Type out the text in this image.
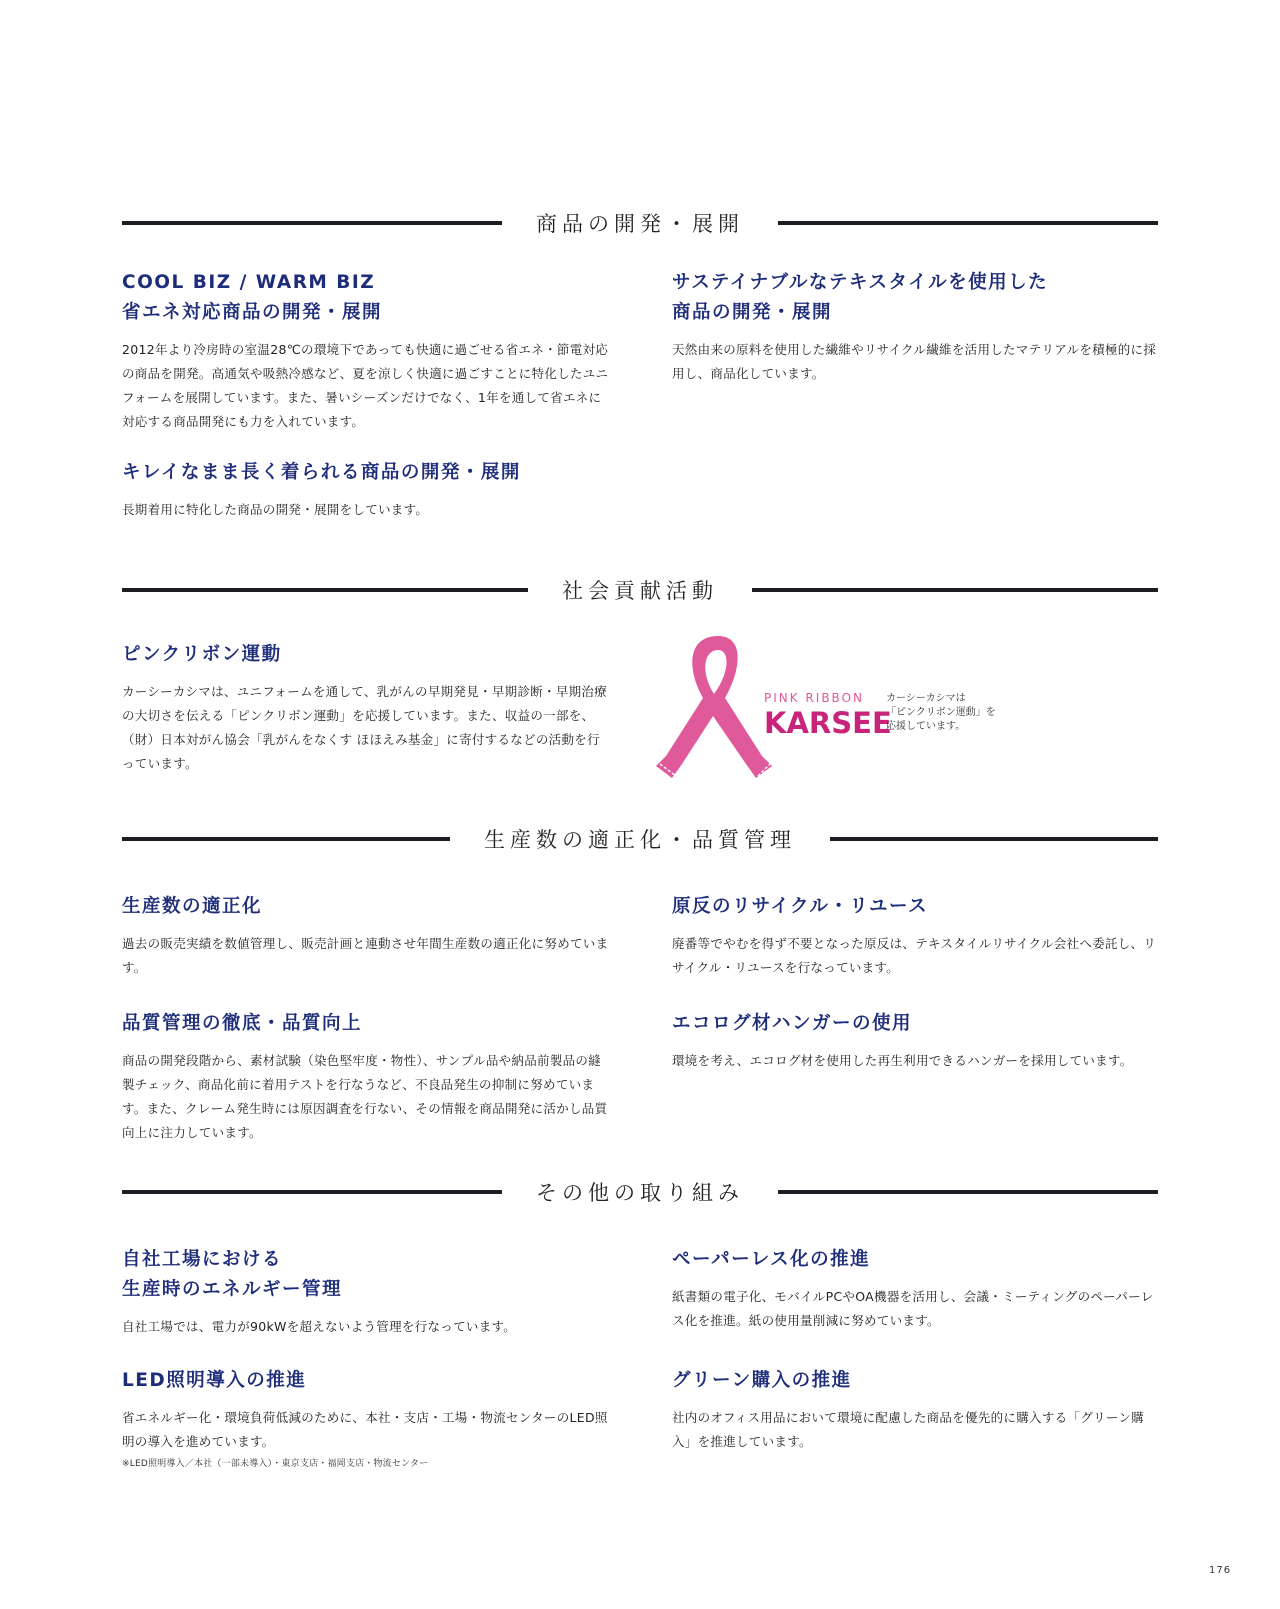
商品の開発・展開
COOL BIZ / WARM BIZ
省エネ対応商品の開発・展開
2012年より冷房時の室温28℃の環境下であっても快適に過ごせる省エネ・節電対応の商品を開発。高通気や吸熱冷感など、夏を涼しく快適に過ごすことに特化したユニフォームを展開しています。また、暑いシーズンだけでなく、1年を通して省エネに対応する商品開発にも力を入れています。
サステイナブルなテキスタイルを使用した
商品の開発・展開
天然由来の原料を使用した繊維やリサイクル繊維を活用したマテリアルを積極的に採用し、商品化しています。
キレイなまま長く着られる商品の開発・展開
長期着用に特化した商品の開発・展開をしています。
社会貢献活動
ピンクリボン運動
カーシーカシマは、ユニフォームを通して、乳がんの早期発見・早期診断・早期治療の大切さを伝える「ピンクリボン運動」を応援しています。また、収益の一部を、（財）日本対がん協会「乳がんをなくす ほほえみ基金」に寄付するなどの活動を行っています。
PINK RIBBON
KARSEE
カーシーカシマは
「ピンクリボン運動」を
応援しています。
生産数の適正化・品質管理
生産数の適正化
過去の販売実績を数値管理し、販売計画と連動させ年間生産数の適正化に努めています。
原反のリサイクル・リユース
廃番等でやむを得ず不要となった原反は、テキスタイルリサイクル会社へ委託し、リサイクル・リユースを行なっています。
品質管理の徹底・品質向上
商品の開発段階から、素材試験（染色堅牢度・物性）、サンプル品や納品前製品の縫製チェック、商品化前に着用テストを行なうなど、不良品発生の抑制に努めています。また、クレーム発生時には原因調査を行ない、その情報を商品開発に活かし品質向上に注力しています。
エコログ材ハンガーの使用
環境を考え、エコログ材を使用した再生利用できるハンガーを採用しています。
その他の取り組み
自社工場における
生産時のエネルギー管理
自社工場では、電力が90kWを超えないよう管理を行なっています。
ペーパーレス化の推進
紙書類の電子化、モバイルPCやOA機器を活用し、会議・ミーティングのペーパーレス化を推進。紙の使用量削減に努めています。
LED照明導入の推進
省エネルギー化・環境負荷低減のために、本社・支店・工場・物流センターのLED照明の導入を進めています。
※LED照明導入／本社（一部未導入）・東京支店・福岡支店・物流センター
グリーン購入の推進
社内のオフィス用品において環境に配慮した商品を優先的に購入する「グリーン購入」を推進しています。
176
